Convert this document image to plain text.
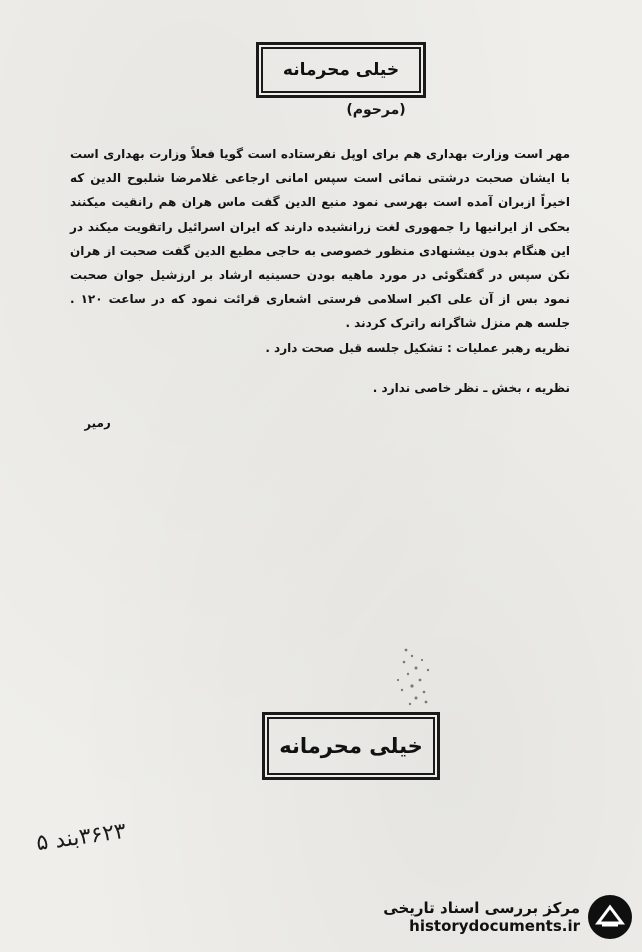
خیلی محرمانه
(مرحوم)
مهر است وزارت بهداری هم برای اوپل نفرستاده است گویا فعلاً وزارت بهداری است با ایشان صحبت درشتی نمائی است سپس امانی ارجاعی غلامرضا شلبوح الدین که اخیراً ازبران آمده است بهرسی نمود منبع الدین گفت ماس هران هم رانقیت میکنند بحکی از ایرانیها را جمهوری لغت زرانشیده دارند که ایران اسرائیل راتقویت میکند در این هنگام بدون بیشنهادی منظور خصوصی به حاجی مطیع الدین گفت صحبت از هران نکن سپس در گفتگوئی در مورد ماهیه بودن حسینیه ارشاد بر ارزشیل جوان صحبت نمود بس از آن علی اکبر اسلامی فرستی اشعاری قرائت نمود که در ساعت ۱۲۰ . جلسه هم منزل شاگرانه راترک کردند .
نظریه رهبر عملیات : تشکیل جلسه قبل صحت دارد .
نظریه ، بخش ـ نظر خاصی ندارد .
رمیر
خیلی محرمانه
۳۶۲۳بند ۵
مرکز بررسی اسناد تاریخی
historydocuments.ir
